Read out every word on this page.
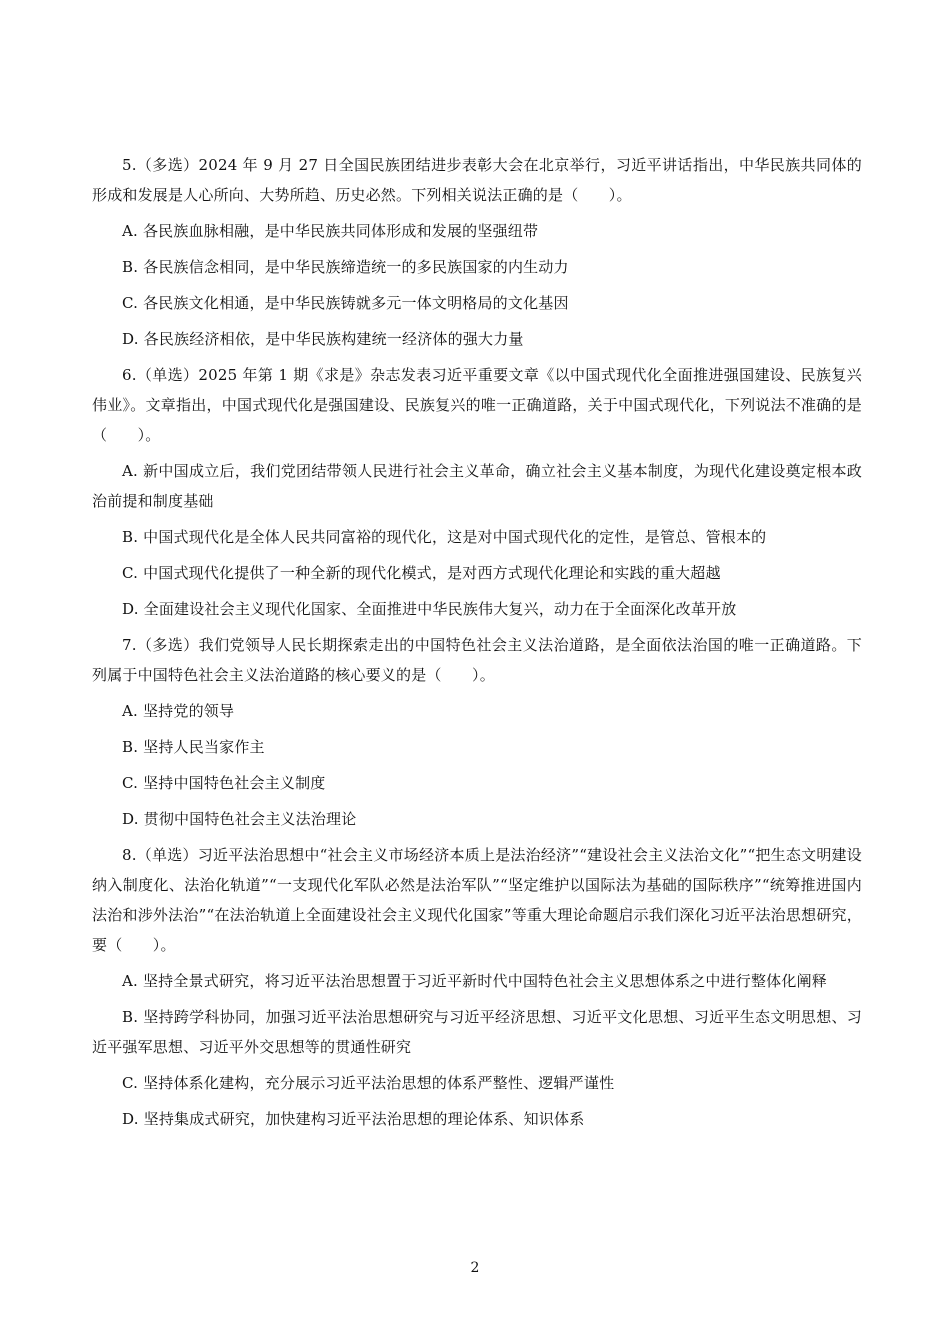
5.（多选）2024 年 9 月 27 日全国民族团结进步表彰大会在北京举行，习近平讲话指出，中华民族共同体的形成和发展是人心所向、大势所趋、历史必然。下列相关说法正确的是（　　）。

A. 各民族血脉相融，是中华民族共同体形成和发展的坚强纽带

B. 各民族信念相同，是中华民族缔造统一的多民族国家的内生动力

C. 各民族文化相通，是中华民族铸就多元一体文明格局的文化基因

D. 各民族经济相依，是中华民族构建统一经济体的强大力量

6.（单选）2025 年第 1 期《求是》杂志发表习近平重要文章《以中国式现代化全面推进强国建设、民族复兴伟业》。文章指出，中国式现代化是强国建设、民族复兴的唯一正确道路，关于中国式现代化，下列说法不准确的是（　　）。

A. 新中国成立后，我们党团结带领人民进行社会主义革命，确立社会主义基本制度，为现代化建设奠定根本政治前提和制度基础

B. 中国式现代化是全体人民共同富裕的现代化，这是对中国式现代化的定性，是管总、管根本的

C. 中国式现代化提供了一种全新的现代化模式，是对西方式现代化理论和实践的重大超越

D. 全面建设社会主义现代化国家、全面推进中华民族伟大复兴，动力在于全面深化改革开放

7.（多选）我们党领导人民长期探索走出的中国特色社会主义法治道路，是全面依法治国的唯一正确道路。下列属于中国特色社会主义法治道路的核心要义的是（　　）。

A. 坚持党的领导

B. 坚持人民当家作主

C. 坚持中国特色社会主义制度

D. 贯彻中国特色社会主义法治理论

8.（单选）习近平法治思想中“社会主义市场经济本质上是法治经济”“建设社会主义法治文化”“把生态文明建设纳入制度化、法治化轨道”“一支现代化军队必然是法治军队”“坚定维护以国际法为基础的国际秩序”“统筹推进国内法治和涉外法治”“在法治轨道上全面建设社会主义现代化国家”等重大理论命题启示我们深化习近平法治思想研究，要（　　）。

A. 坚持全景式研究，将习近平法治思想置于习近平新时代中国特色社会主义思想体系之中进行整体化阐释

B. 坚持跨学科协同，加强习近平法治思想研究与习近平经济思想、习近平文化思想、习近平生态文明思想、习近平强军思想、习近平外交思想等的贯通性研究

C. 坚持体系化建构，充分展示习近平法治思想的体系严整性、逻辑严谨性

D. 坚持集成式研究，加快建构习近平法治思想的理论体系、知识体系

2
